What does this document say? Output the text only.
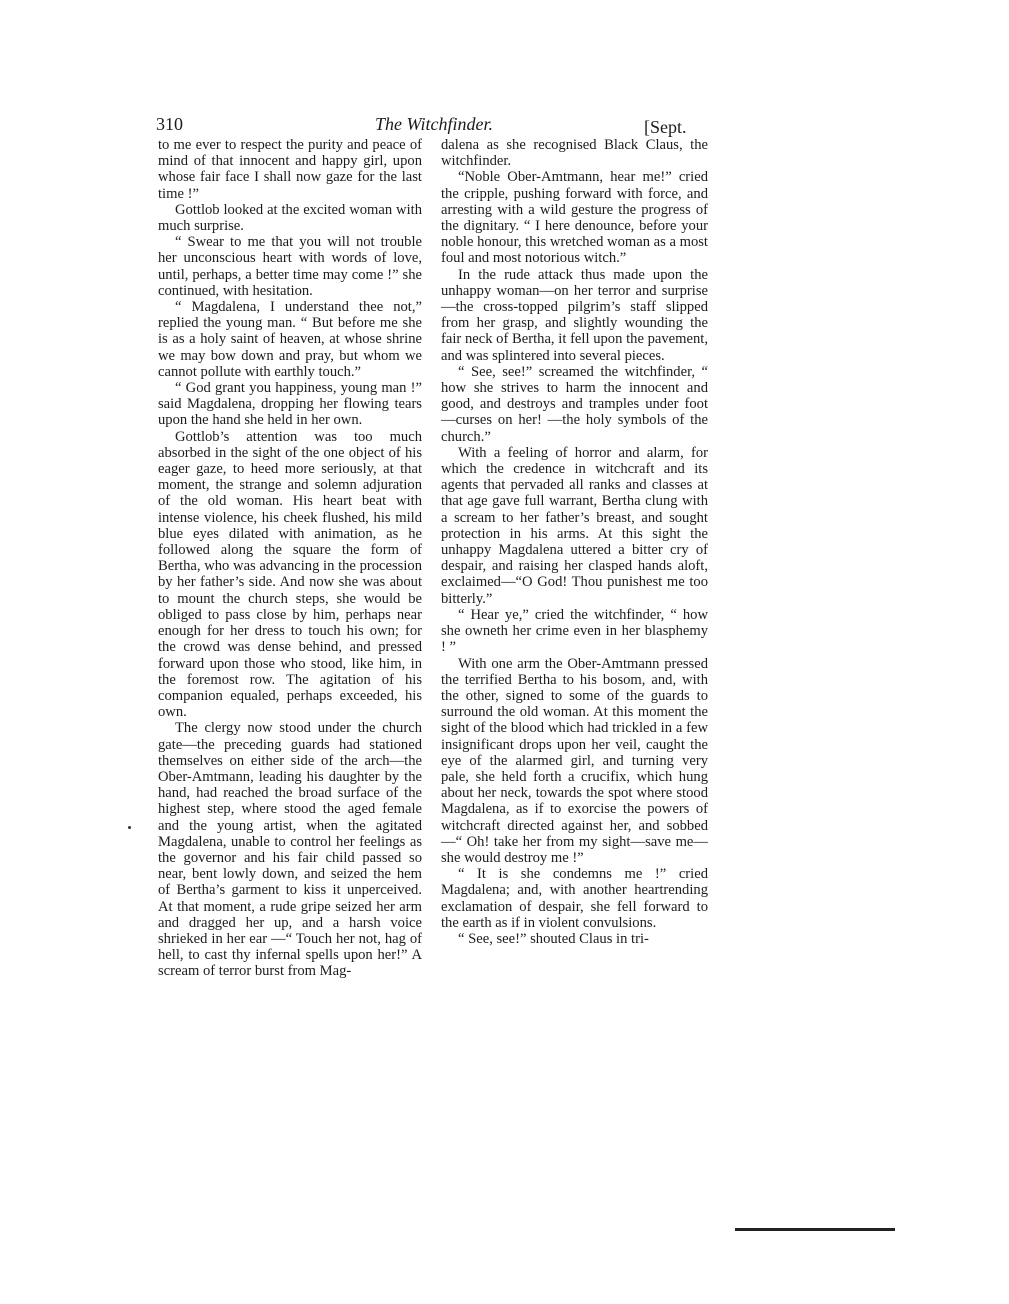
310	The Witchfinder.	[Sept.

to me ever to respect the purity and peace of mind of that innocent and happy girl, upon whose fair face I shall now gaze for the last time !”

Gottlob looked at the excited woman with much surprise.

“ Swear to me that you will not trouble her unconscious heart with words of love, until, perhaps, a better time may come !” she continued, with hesitation.

“ Magdalena, I understand thee not,” replied the young man. “ But before me she is as a holy saint of heaven, at whose shrine we may bow down and pray, but whom we cannot pollute with earthly touch.”

“ God grant you happiness, young man !” said Magdalena, dropping her flowing tears upon the hand she held in her own.

Gottlob’s attention was too much absorbed in the sight of the one object of his eager gaze, to heed more seriously, at that moment, the strange and solemn adjuration of the old woman. His heart beat with intense violence, his cheek flushed, his mild blue eyes dilated with animation, as he followed along the square the form of Bertha, who was advancing in the procession by her father’s side. And now she was about to mount the church steps, she would be obliged to pass close by him, perhaps near enough for her dress to touch his own; for the crowd was dense behind, and pressed forward upon those who stood, like him, in the foremost row. The agitation of his companion equaled, perhaps exceeded, his own.

The clergy now stood under the church gate—the preceding guards had stationed themselves on either side of the arch—the Ober-Amtmann, leading his daughter by the hand, had reached the broad surface of the highest step, where stood the aged female and the young artist, when the agitated Magdalena, unable to control her feelings as the governor and his fair child passed so near, bent lowly down, and seized the hem of Bertha’s garment to kiss it unperceived. At that moment, a rude gripe seized her arm and dragged her up, and a harsh voice shrieked in her ear —“ Touch her not, hag of hell, to cast thy infernal spells upon her!” A scream of terror burst from Mag-

dalena as she recognised Black Claus, the witchfinder.

“Noble Ober-Amtmann, hear me!” cried the cripple, pushing forward with force, and arresting with a wild gesture the progress of the dignitary. “ I here denounce, before your noble honour, this wretched woman as a most foul and most notorious witch.”

In the rude attack thus made upon the unhappy woman—on her terror and surprise—the cross-topped pilgrim’s staff slipped from her grasp, and slightly wounding the fair neck of Bertha, it fell upon the pavement, and was splintered into several pieces.

“ See, see!” screamed the witchfinder, “ how she strives to harm the innocent and good, and destroys and tramples under foot—curses on her! —the holy symbols of the church.”

With a feeling of horror and alarm, for which the credence in witchcraft and its agents that pervaded all ranks and classes at that age gave full warrant, Bertha clung with a scream to her father’s breast, and sought protection in his arms. At this sight the unhappy Magdalena uttered a bitter cry of despair, and raising her clasped hands aloft, exclaimed—“O God! Thou punishest me too bitterly.”

“ Hear ye,” cried the witchfinder, “ how she owneth her crime even in her blasphemy ! ”

With one arm the Ober-Amtmann pressed the terrified Bertha to his bosom, and, with the other, signed to some of the guards to surround the old woman. At this moment the sight of the blood which had trickled in a few insignificant drops upon her veil, caught the eye of the alarmed girl, and turning very pale, she held forth a crucifix, which hung about her neck, towards the spot where stood Magdalena, as if to exorcise the powers of witchcraft directed against her, and sobbed—“ Oh! take her from my sight—save me—she would destroy me !”

“ It is she condemns me !” cried Magdalena; and, with another heartrending exclamation of despair, she fell forward to the earth as if in violent convulsions.

“ See, see!” shouted Claus in tri-
